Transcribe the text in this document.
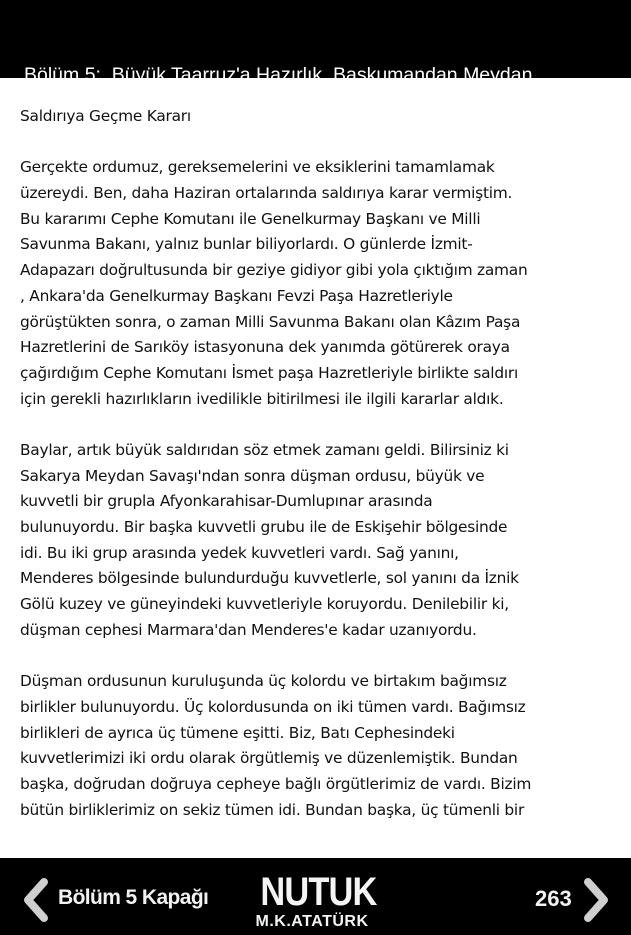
Bölüm 5:  Büyük Taarruz'a Hazırlık, Başkumandan Meydan

Muharebesi, Saltanatın Kaldırılması ve Gelişen Diğer Olaylar

Saldırıya Geçme Kararı
Gerçekte ordumuz, gereksemelerini ve eksiklerini tamamlamak
üzereydi. Ben, daha Haziran ortalarında saldırıya karar vermiştim.
Bu kararımı Cephe Komutanı ile Genelkurmay Başkanı ve Milli
Savunma Bakanı, yalnız bunlar biliyorlardı. O günlerde İzmit-
Adapazarı doğrultusunda bir geziye gidiyor gibi yola çıktığım zaman
, Ankara'da Genelkurmay Başkanı Fevzi Paşa Hazretleriyle
görüştükten sonra, o zaman Milli Savunma Bakanı olan Kâzım Paşa
Hazretlerini de Sarıköy istasyonuna dek yanımda götürerek oraya
çağırdığım Cephe Komutanı İsmet paşa Hazretleriyle birlikte saldırı
için gerekli hazırlıkların ivedilikle bitirilmesi ile ilgili kararlar aldık.
Baylar, artık büyük saldırıdan söz etmek zamanı geldi. Bilirsiniz ki
Sakarya Meydan Savaşı'ndan sonra düşman ordusu, büyük ve
kuvvetli bir grupla Afyonkarahisar-Dumlupınar arasında
bulunuyordu. Bir başka kuvvetli grubu ile de Eskişehir bölgesinde
idi. Bu iki grup arasında yedek kuvvetleri vardı. Sağ yanını,
Menderes bölgesinde bulundurduğu kuvvetlerle, sol yanını da İznik
Gölü kuzey ve güneyindeki kuvvetleriyle koruyordu. Denilebilir ki,
düşman cephesi Marmara'dan Menderes'e kadar uzanıyordu.
Düşman ordusunun kuruluşunda üç kolordu ve birtakım bağımsız
birlikler bulunuyordu. Üç kolordusunda on iki tümen vardı. Bağımsız
birlikleri de ayrıca üç tümene eşitti. Biz, Batı Cephesindeki
kuvvetlerimizi iki ordu olarak örgütlemiş ve düzenlemiştik. Bundan
başka, doğrudan doğruya cepheye bağlı örgütlerimiz de vardı. Bizim
bütün birliklerimiz on sekiz tümen idi. Bundan başka, üç tümenli bir
Bölüm 5 Kapağı NUTUK
M.K.ATATÜRK
263
